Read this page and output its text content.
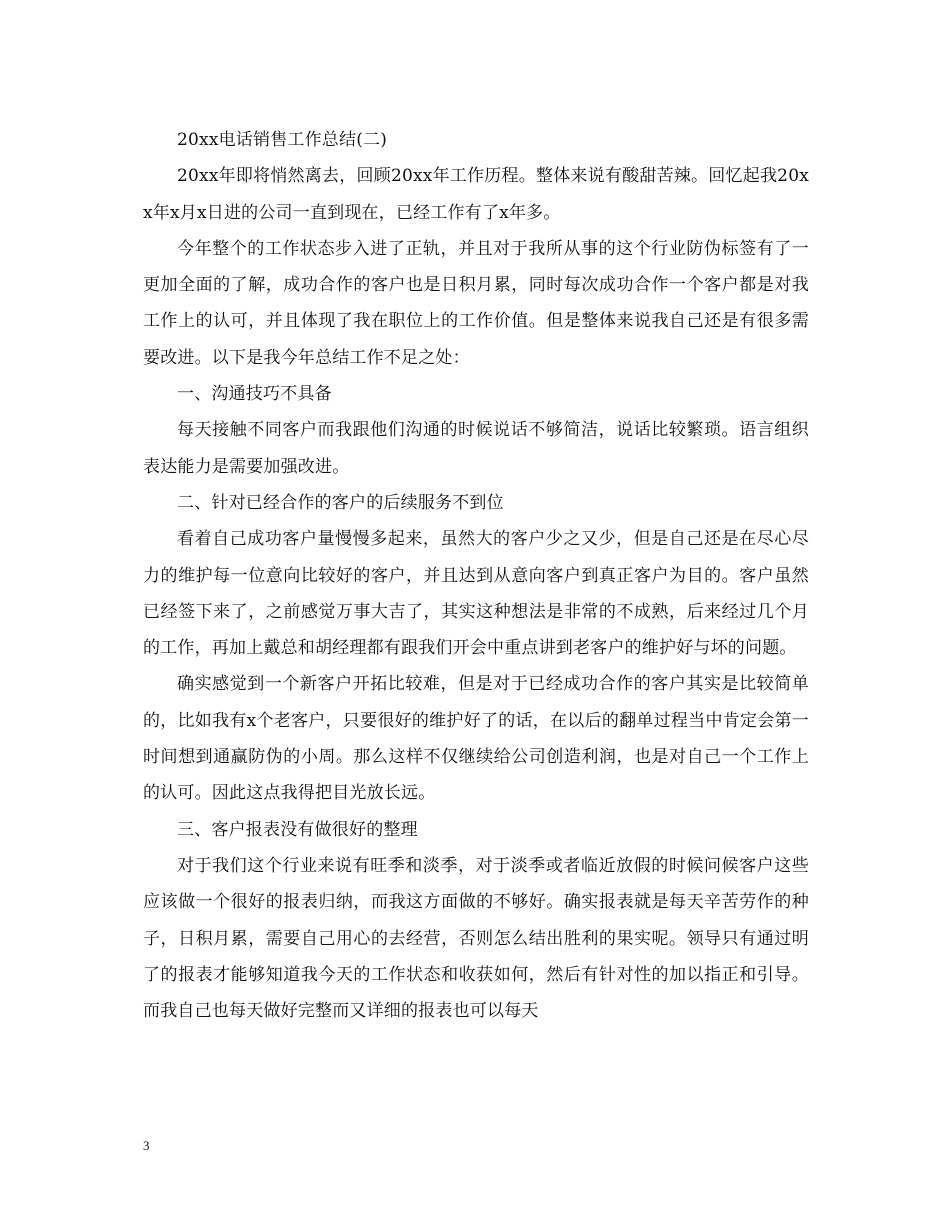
20xx电话销售工作总结(二)

20xx年即将悄然离去，回顾20xx年工作历程。整体来说有酸甜苦辣。回忆起我20xx年x月x日进的公司一直到现在，已经工作有了x年多。

今年整个的工作状态步入进了正轨，并且对于我所从事的这个行业防伪标签有了一更加全面的了解，成功合作的客户也是日积月累，同时每次成功合作一个客户都是对我工作上的认可，并且体现了我在职位上的工作价值。但是整体来说我自己还是有很多需要改进。以下是我今年总结工作不足之处：

一、沟通技巧不具备

每天接触不同客户而我跟他们沟通的时候说话不够简洁，说话比较繁琐。语言组织表达能力是需要加强改进。

二、针对已经合作的客户的后续服务不到位

看着自己成功客户量慢慢多起来，虽然大的客户少之又少，但是自己还是在尽心尽力的维护每一位意向比较好的客户，并且达到从意向客户到真正客户为目的。客户虽然已经签下来了，之前感觉万事大吉了，其实这种想法是非常的不成熟，后来经过几个月的工作，再加上戴总和胡经理都有跟我们开会中重点讲到老客户的维护好与坏的问题。

确实感觉到一个新客户开拓比较难，但是对于已经成功合作的客户其实是比较简单的，比如我有x个老客户，只要很好的维护好了的话，在以后的翻单过程当中肯定会第一时间想到通赢防伪的小周。那么这样不仅继续给公司创造利润，也是对自己一个工作上的认可。因此这点我得把目光放长远。

三、客户报表没有做很好的整理

对于我们这个行业来说有旺季和淡季，对于淡季或者临近放假的时候问候客户这些应该做一个很好的报表归纳，而我这方面做的不够好。确实报表就是每天辛苦劳作的种子，日积月累，需要自己用心的去经营，否则怎么结出胜利的果实呢。领导只有通过明了的报表才能够知道我今天的工作状态和收获如何，然后有针对性的加以指正和引导。而我自己也每天做好完整而又详细的报表也可以每天

3
